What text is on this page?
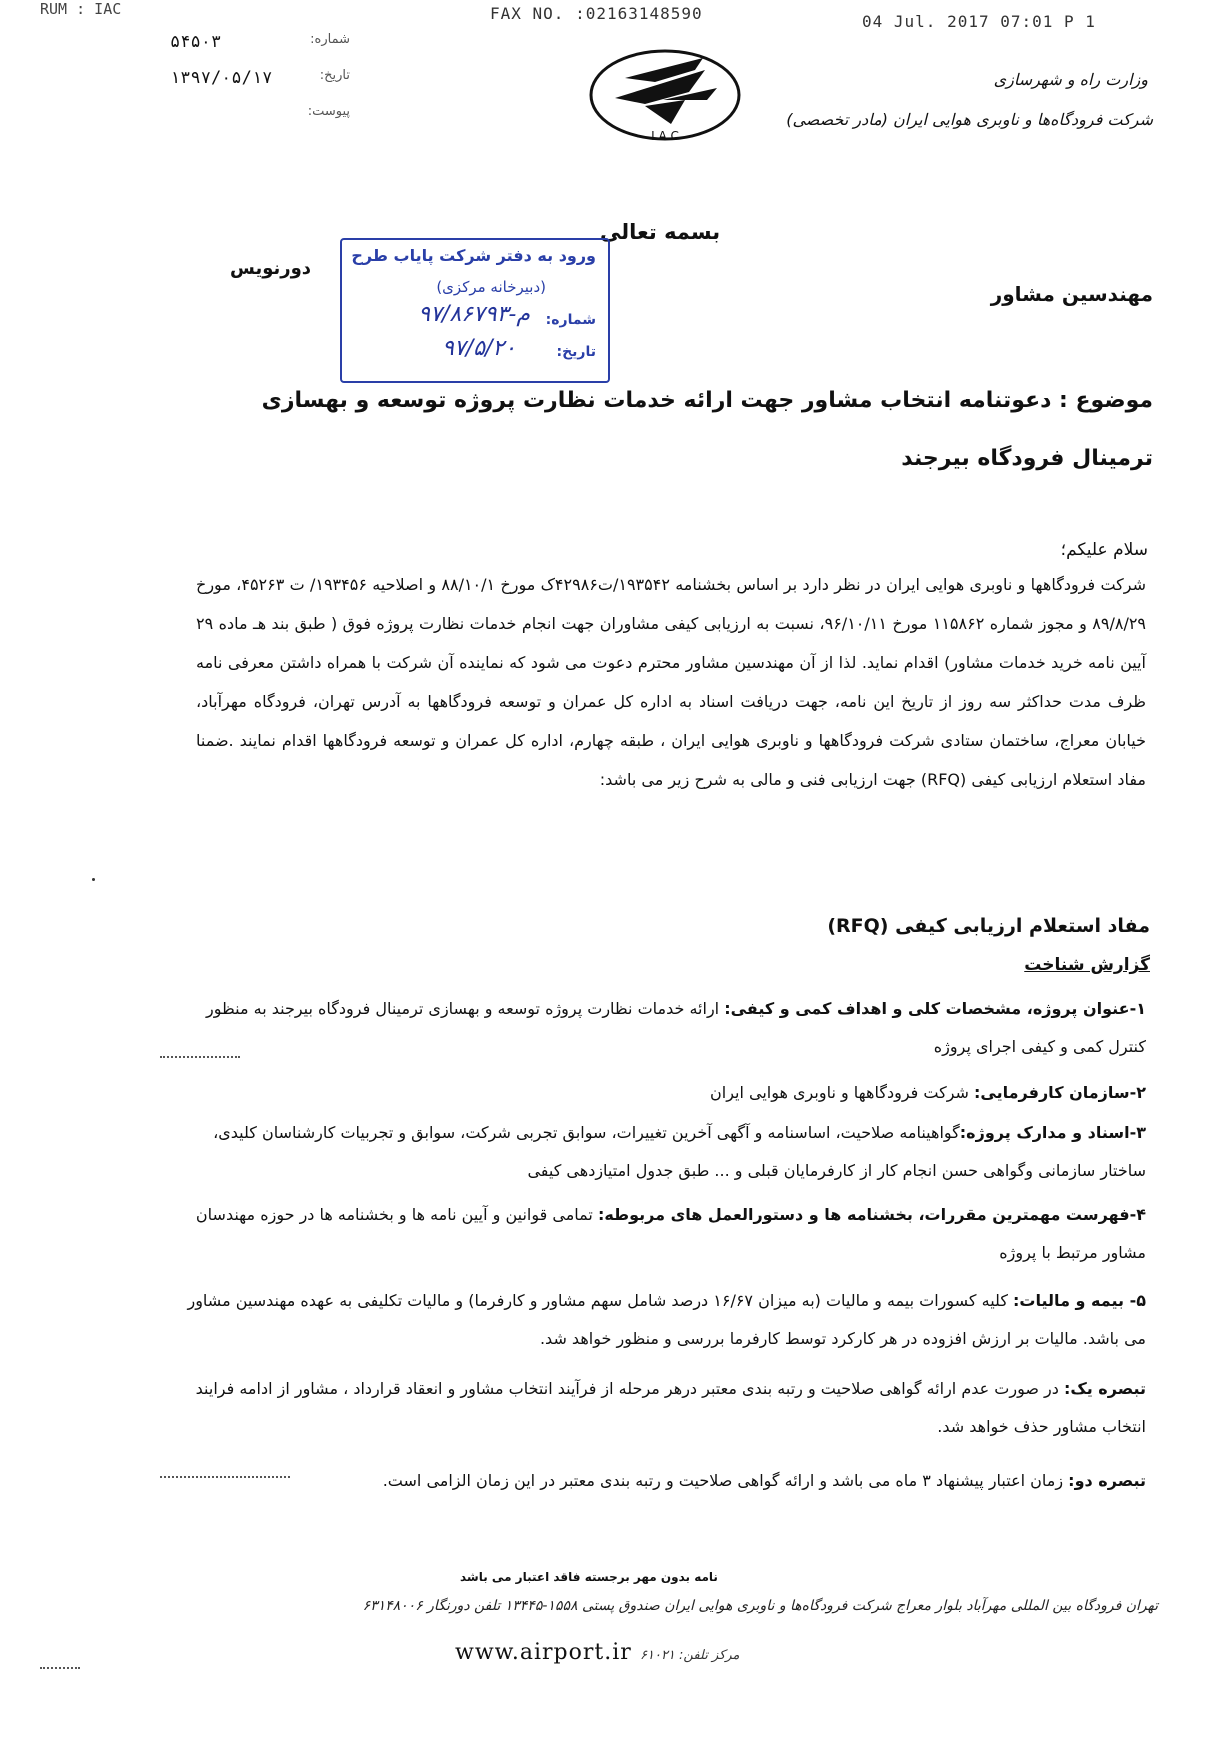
RUM : IAC	FAX NO. :02163148590	04 Jul. 2017 07:01 P 1
۵۴۵۰۳	شماره:
۱۳۹۷/۰۵/۱۷	تاریخ:
پیوست:
I A C
وزارت راه و شهرسازی
شرکت فرودگاه‌ها و ناوبری هوایی ایران (مادر تخصصی)
بسمه تعالی
دورنویس
مهندسین مشاور
ورود به دفتر شرکت پایاب طرح
(دبیرخانه مرکزی)
شماره:
۹۷/۸۶۷۹۳-م
تاریخ:
۹۷/۵/۲۰
موضوع : دعوتنامه انتخاب مشاور جهت ارائه خدمات نظارت پروژه توسعه و بهسازی ترمینال فرودگاه بیرجند
سلام علیکم؛
شرکت فرودگاهها و ناوبری هوایی ایران در نظر دارد بر اساس بخشنامه ۱۹۳۵۴۲/ت۴۲۹۸۶ک مورخ ۸۸/۱۰/۱ و اصلاحیه ۱۹۳۴۵۶/ ت ۴۵۲۶۳، مورخ ۸۹/۸/۲۹ و مجوز شماره ۱۱۵۸۶۲ مورخ ۹۶/۱۰/۱۱، نسبت به ارزیابی کیفی مشاوران جهت انجام خدمات نظارت پروژه فوق ( طبق بند هـ ماده ۲۹ آیین نامه خرید خدمات مشاور) اقدام نماید. لذا از آن مهندسین مشاور محترم دعوت می شود که نماینده آن شرکت با همراه داشتن معرفی نامه ظرف مدت حداکثر سه روز از تاریخ این نامه، جهت دریافت اسناد به اداره کل عمران و توسعه فرودگاهها به آدرس تهران، فرودگاه مهرآباد، خیابان معراج، ساختمان ستادی شرکت فرودگاهها و ناوبری هوایی ایران ، طبقه چهارم، اداره کل عمران و توسعه فرودگاهها اقدام نمایند .ضمنا مفاد استعلام ارزیابی کیفی (RFQ) جهت ارزیابی فنی و مالی به شرح زیر می باشد:
مفاد استعلام ارزیابی کیفی (RFQ)
گزارش شناخت
۱-عنوان پروژه، مشخصات کلی و اهداف کمی و کیفی: ارائه خدمات نظارت پروژه توسعه و بهسازی ترمینال فرودگاه بیرجند به منظور کنترل کمی و کیفی اجرای پروژه
۲-سازمان کارفرمایی: شرکت فرودگاهها و ناوبری هوایی ایران
۳-اسناد و مدارک پروژه:گواهینامه صلاحیت، اساسنامه و آگهی آخرین تغییرات، سوابق تجربی شرکت، سوابق و تجربیات کارشناسان کلیدی، ساختار سازمانی وگواهی حسن انجام کار از کارفرمایان قبلی و ... طبق جدول امتیازدهی کیفی
۴-فهرست مهمترین مقررات، بخشنامه ها و دستورالعمل های مربوطه: تمامی قوانین و آیین نامه ها و بخشنامه ها در حوزه مهندسان مشاور مرتبط با پروژه
۵- بیمه و مالیات: کلیه کسورات بیمه و مالیات (به میزان ۱۶/۶۷ درصد شامل سهم مشاور و کارفرما) و مالیات تکلیفی به عهده مهندسین مشاور می باشد. مالیات بر ارزش افزوده در هر کارکرد توسط کارفرما بررسی و منظور خواهد شد.
تبصره یک: در صورت عدم ارائه گواهی صلاحیت و رتبه بندی معتبر درهر مرحله از فرآیند انتخاب مشاور و انعقاد قرارداد ، مشاور از ادامه فرایند انتخاب مشاور حذف خواهد شد.
تبصره دو: زمان اعتبار پیشنهاد ۳ ماه می باشد و ارائه گواهی صلاحیت و رتبه بندی معتبر در این زمان الزامی است.
نامه بدون مهر برجسته فاقد اعتبار می باشد
تهران فرودگاه بین المللی مهرآباد بلوار معراج شرکت فرودگاه‌ها و ناوبری هوایی ایران صندوق پستی ۱۵۵۸-۱۳۴۴۵ تلفن دورنگار ۶۳۱۴۸۰۰۶
www.airport.ir مرکز تلفن: ۶۱۰۲۱
